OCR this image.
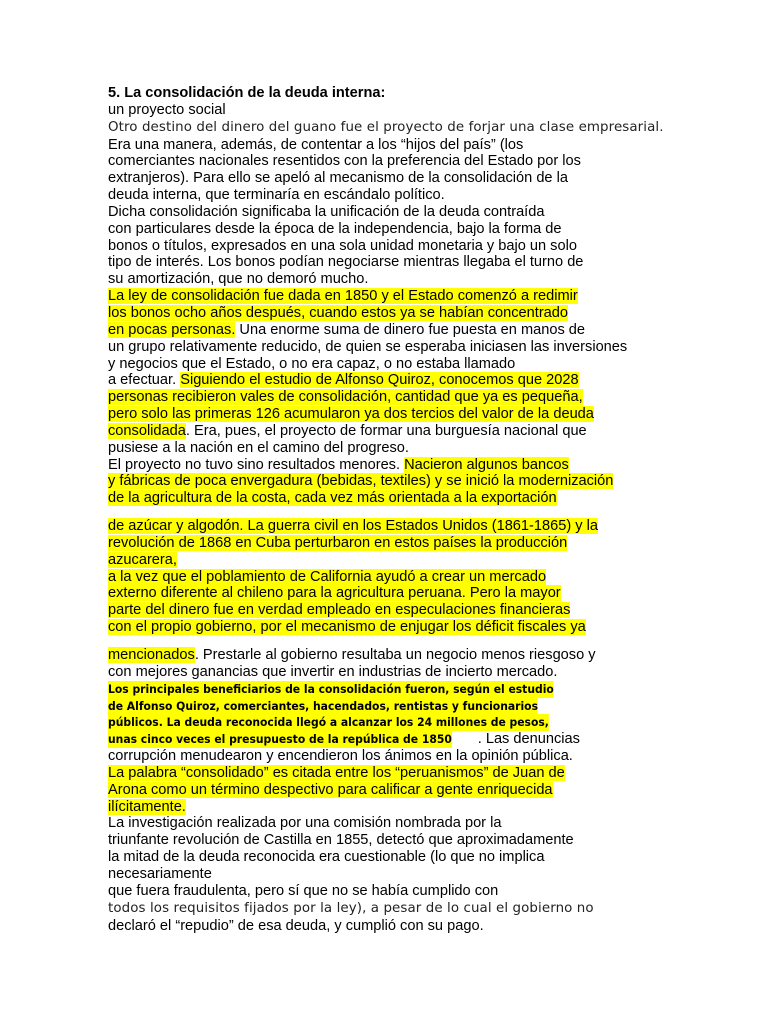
5. La consolidación de la deuda interna:
un proyecto social
Otro destino del dinero del guano fue el proyecto de forjar una clase empresarial.
Era una manera, además, de contentar a los “hijos del país” (los
comerciantes nacionales resentidos con la preferencia del Estado por los
extranjeros). Para ello se apeló al mecanismo de la consolidación de la
deuda interna, que terminaría en escándalo político.
Dicha consolidación significaba la unificación de la deuda contraída
con particulares desde la época de la independencia, bajo la forma de
bonos o títulos, expresados en una sola unidad monetaria y bajo un solo
tipo de interés. Los bonos podían negociarse mientras llegaba el turno de
su amortización, que no demoró mucho.
La ley de consolidación fue dada en 1850 y el Estado comenzó a redimir
los bonos ocho años después, cuando estos ya se habían concentrado
en pocas personas. Una enorme suma de dinero fue puesta en manos de
un grupo relativamente reducido, de quien se esperaba iniciasen las inversiones
y negocios que el Estado, o no era capaz, o no estaba llamado
a efectuar. Siguiendo el estudio de Alfonso Quiroz, conocemos que 2028
personas recibieron vales de consolidación, cantidad que ya es pequeña,
pero solo las primeras 126 acumularon ya dos tercios del valor de la deuda
consolidada. Era, pues, el proyecto de formar una burguesía nacional que
pusiese a la nación en el camino del progreso.
El proyecto no tuvo sino resultados menores. Nacieron algunos bancos
y fábricas de poca envergadura (bebidas, textiles) y se inició la modernización
de la agricultura de la costa, cada vez más orientada a la exportación
de azúcar y algodón. La guerra civil en los Estados Unidos (1861-1865) y la
revolución de 1868 en Cuba perturbaron en estos países la producción
azucarera,
a la vez que el poblamiento de California ayudó a crear un mercado
externo diferente al chileno para la agricultura peruana. Pero la mayor
parte del dinero fue en verdad empleado en especulaciones financieras
con el propio gobierno, por el mecanismo de enjugar los déficit fiscales ya
mencionados. Prestarle al gobierno resultaba un negocio menos riesgoso y
con mejores ganancias que invertir en industrias de incierto mercado.
Los principales beneficiarios de la consolidación fueron, según el estudio
de Alfonso Quiroz, comerciantes, hacendados, rentistas y funcionarios
públicos. La deuda reconocida llegó a alcanzar los 24 millones de pesos,
unas cinco veces el presupuesto de la república de 1850 . Las denuncias
corrupción menudearon y encendieron los ánimos en la opinión pública.
La palabra “consolidado” es citada entre los “peruanismos” de Juan de
Arona como un término despectivo para calificar a gente enriquecida
ilícitamente.
La investigación realizada por una comisión nombrada por la
triunfante revolución de Castilla en 1855, detectó que aproximadamente
la mitad de la deuda reconocida era cuestionable (lo que no implica
necesariamente
que fuera fraudulenta, pero sí que no se había cumplido con
todos los requisitos fijados por la ley), a pesar de lo cual el gobierno no
declaró el “repudio” de esa deuda, y cumplió con su pago.
